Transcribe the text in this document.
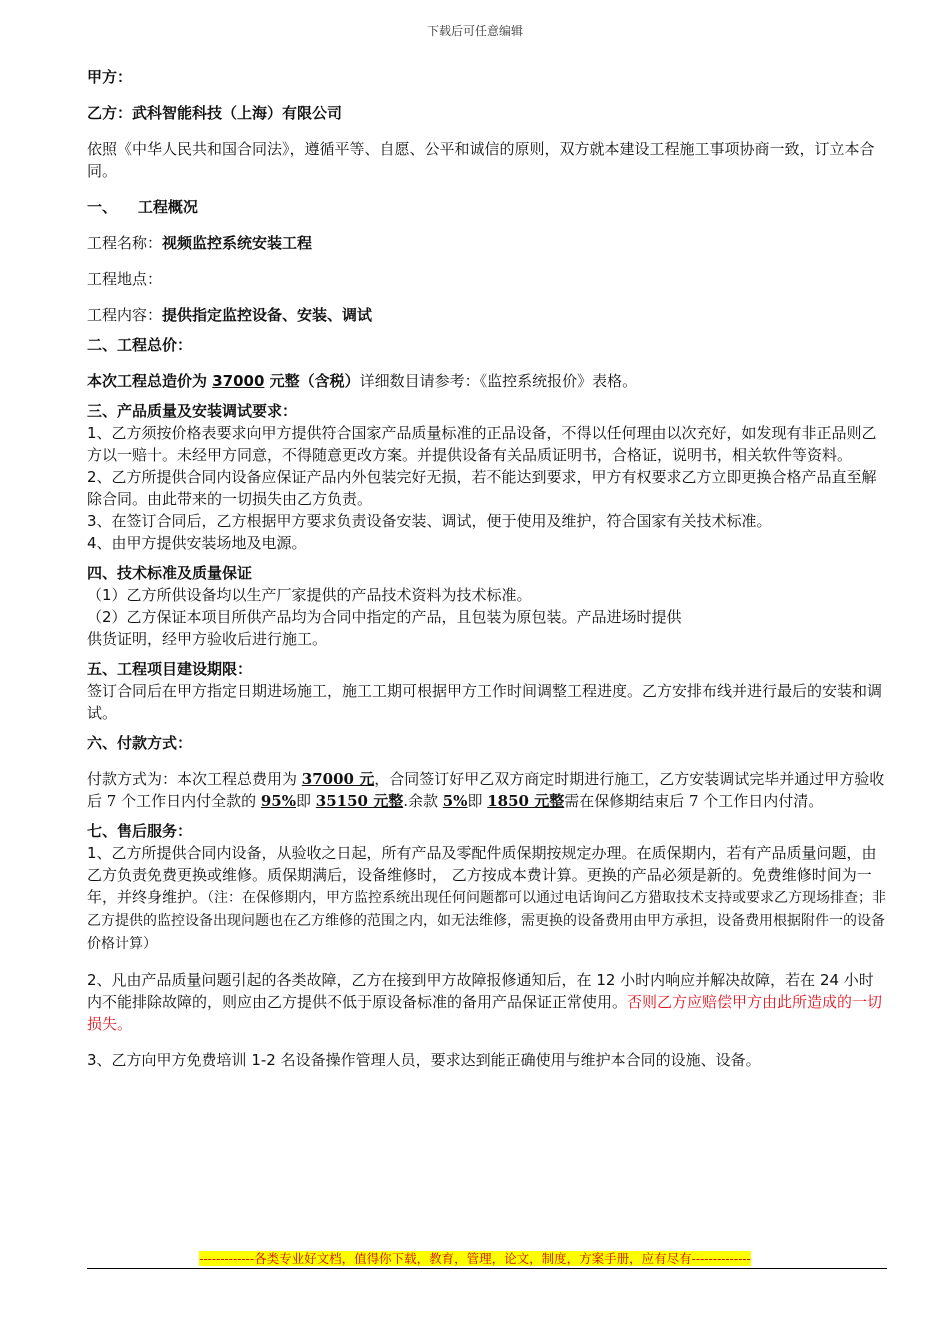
下载后可任意编辑

甲方：

乙方：武科智能科技（上海）有限公司

依照《中华人民共和国合同法》，遵循平等、自愿、公平和诚信的原则，双方就本建设工程施工事项协商一致，订立本合同。

一、    工程概况

工程名称：视频监控系统安装工程

工程地点：

工程内容：提供指定监控设备、安装、调试

二、工程总价：

本次工程总造价为 37000 元整（含税）详细数目请参考：《监控系统报价》表格。

三、产品质量及安装调试要求：

1、乙方须按价格表要求向甲方提供符合国家产品质量标准的正品设备，不得以任何理由以次充好，如发现有非正品则乙方以一赔十。未经甲方同意，不得随意更改方案。并提供设备有关品质证明书，合格证，说明书，相关软件等资料。

2、乙方所提供合同内设备应保证产品内外包装完好无损，若不能达到要求，甲方有权要求乙方立即更换合格产品直至解除合同。由此带来的一切损失由乙方负责。

3、在签订合同后，乙方根据甲方要求负责设备安装、调试，便于使用及维护，符合国家有关技术标准。

4、由甲方提供安装场地及电源。

四、技术标准及质量保证

（1）乙方所供设备均以生产厂家提供的产品技术资料为技术标准。

（2）乙方保证本项目所供产品均为合同中指定的产品，且包装为原包装。产品进场时提供

供货证明，经甲方验收后进行施工。

五、工程项目建设期限：

签订合同后在甲方指定日期进场施工，施工工期可根据甲方工作时间调整工程进度。乙方安排布线并进行最后的安装和调试。

六、付款方式：

付款方式为：本次工程总费用为 37000 元，合同签订好甲乙双方商定时期进行施工，乙方安装调试完毕并通过甲方验收后 7 个工作日内付全款的 95%即 35150 元整.余款 5%即 1850 元整需在保修期结束后 7 个工作日内付清。

七、售后服务：

1、乙方所提供合同内设备，从验收之日起，所有产品及零配件质保期按规定办理。在质保期内，若有产品质量问题，由乙方负责免费更换或维修。质保期满后，设备维修时， 乙方按成本费计算。更换的产品必须是新的。免费维修时间为一年，并终身维护。（注：在保修期内，甲方监控系统出现任何问题都可以通过电话询问乙方猎取技术支持或要求乙方现场排查；非乙方提供的监控设备出现问题也在乙方维修的范围之内，如无法维修，需更换的设备费用由甲方承担，设备费用根据附件一的设备价格计算）

2、凡由产品质量问题引起的各类故障，乙方在接到甲方故障报修通知后，在 12 小时内响应并解决故障，若在 24 小时内不能排除故障的，则应由乙方提供不低于原设备标准的备用产品保证正常使用。否则乙方应赔偿甲方由此所造成的一切损失。

3、乙方向甲方免费培训 1-2 名设备操作管理人员，要求达到能正确使用与维护本合同的设施、设备。

-------------各类专业好文档，值得你下载，教育，管理，论文，制度，方案手册，应有尽有--------------
